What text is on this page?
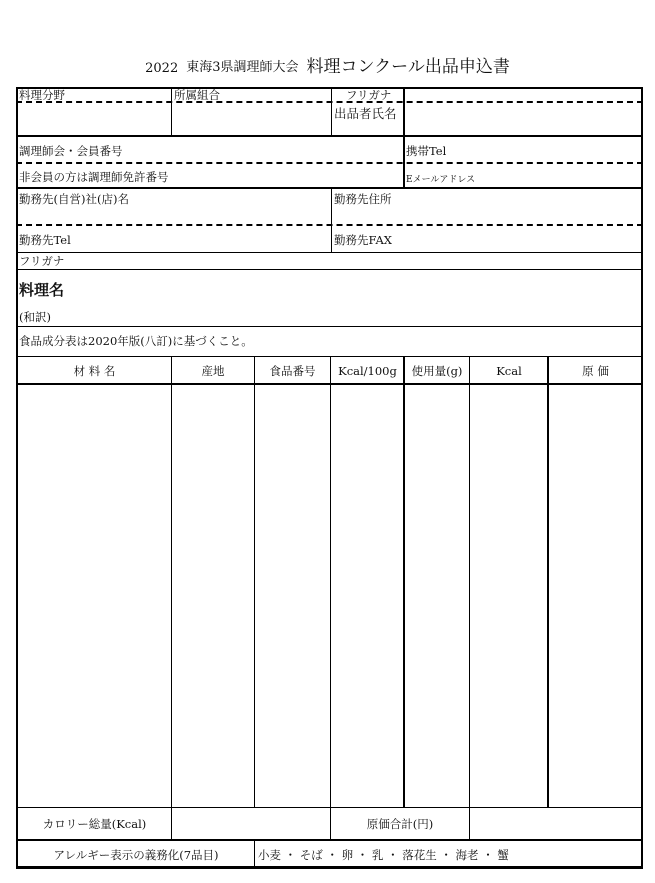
2022 東海3県調理師大会 料理コンクール出品申込書
料理分野	所属組合	フリガナ
出品者氏名
調理師会・会員番号	携帯Tel
非会員の方は調理師免許番号	Eメールアドレス
勤務先(自営)社(店)名	勤務先住所
勤務先Tel	勤務先FAX
フリガナ
料理名
(和訳)
食品成分表は2020年版(八訂)に基づくこと。
材 料 名	産地	食品番号	Kcal/100g	使用量(g)	Kcal	原 価
カロリー総量(Kcal)	原価合計(円)
アレルギー表示の義務化(7品目)	小麦 ・ そば ・ 卵 ・ 乳 ・ 落花生 ・ 海老 ・ 蟹
